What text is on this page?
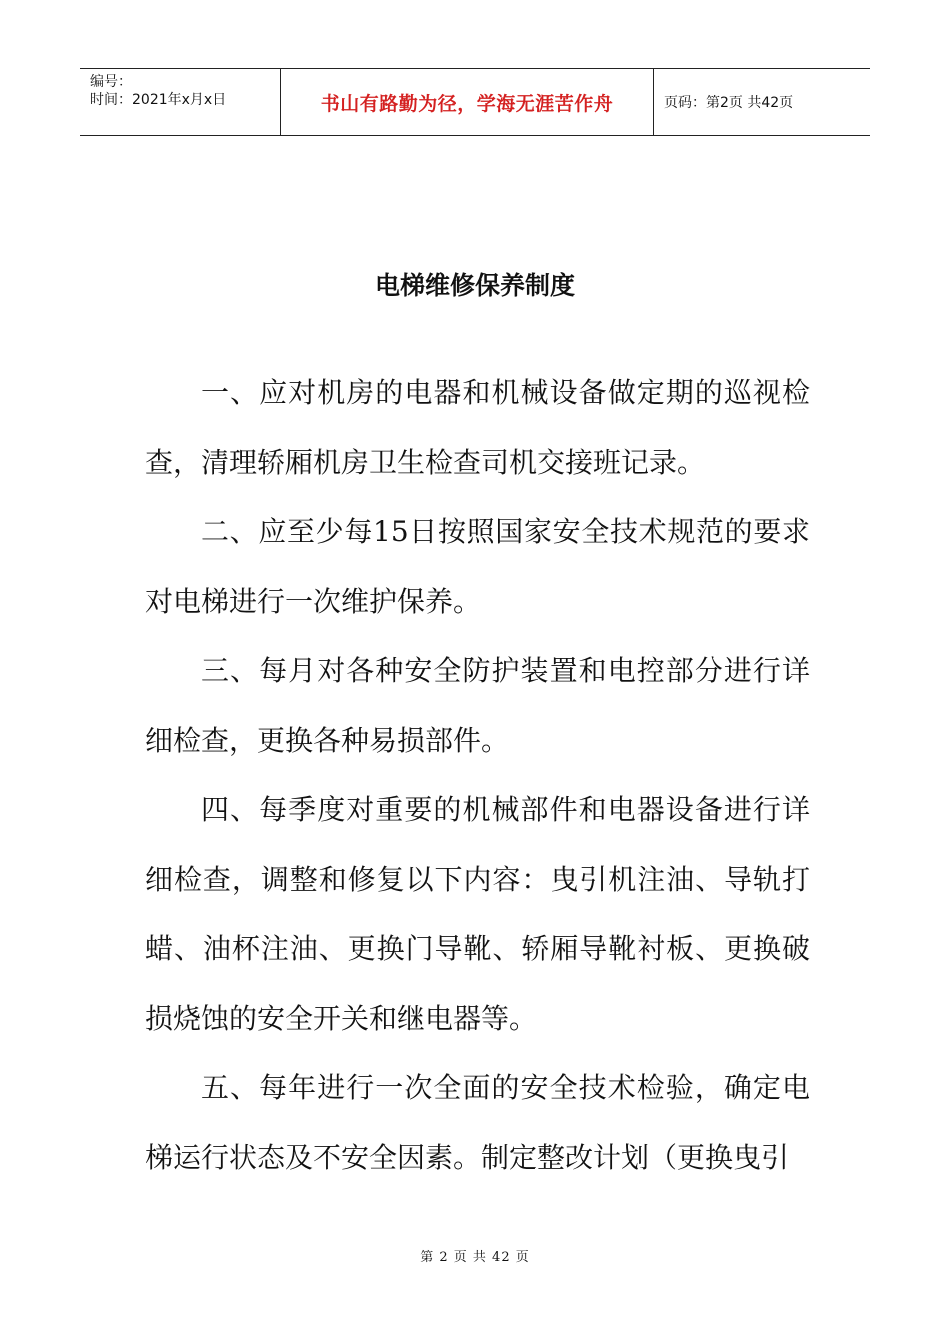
编号：
时间：2021年x月x日	书山有路勤为径，学海无涯苦作舟	页码：第2页 共42页
电梯维修保养制度

一、应对机房的电器和机械设备做定期的巡视检查，清理轿厢机房卫生检查司机交接班记录。

二、应至少每15日按照国家安全技术规范的要求对电梯进行一次维护保养。

三、每月对各种安全防护装置和电控部分进行详细检查，更换各种易损部件。

四、每季度对重要的机械部件和电器设备进行详细检查，调整和修复以下内容：曳引机注油、导轨打蜡、油杯注油、更换门导靴、轿厢导靴衬板、更换破损烧蚀的安全开关和继电器等。

五、每年进行一次全面的安全技术检验，确定电梯运行状态及不安全因素。制定整改计划（更换曳引

第 2 页 共 42 页
